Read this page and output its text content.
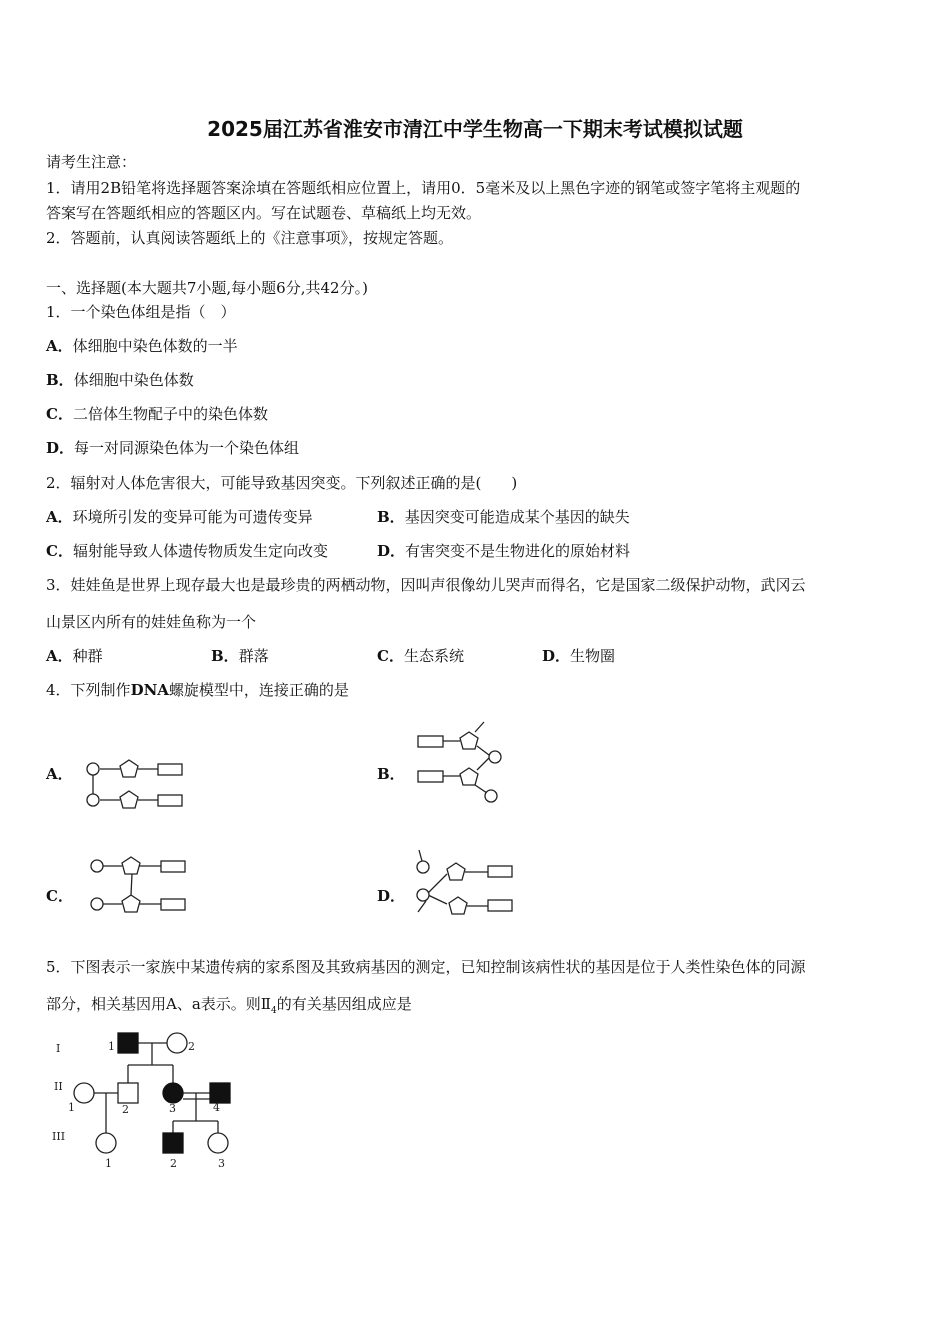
2025届江苏省淮安市清江中学生物高一下期末考试模拟试题
请考生注意：
1．请用2B铅笔将选择题答案涂填在答题纸相应位置上，请用0．5毫米及以上黑色字迹的钢笔或签字笔将主观题的
答案写在答题纸相应的答题区内。写在试题卷、草稿纸上均无效。
2．答题前，认真阅读答题纸上的《注意事项》，按规定答题。
一、选择题(本大题共7小题,每小题6分,共42分。)
1．一个染色体组是指（　）
A．体细胞中染色体数的一半
B．体细胞中染色体数
C．二倍体生物配子中的染色体数
D．每一对同源染色体为一个染色体组
2．辐射对人体危害很大，可能导致基因突变。下列叙述正确的是(　　)
A．环境所引发的变异可能为可遗传变异	B．基因突变可能造成某个基因的缺失
C．辐射能导致人体遗传物质发生定向改变	D．有害突变不是生物进化的原始材料
3．娃娃鱼是世界上现存最大也是最珍贵的两栖动物，因叫声很像幼儿哭声而得名，它是国家二级保护动物，武冈云
山景区内所有的娃娃鱼称为一个
A．种群	B．群落	C．生态系统	D．生物圈
4．下列制作DNA螺旋模型中，连接正确的是
A．	B．
C．	D．
5．下图表示一家族中某遗传病的家系图及其致病基因的测定，已知控制该病性状的基因是位于人类性染色体的同源
部分，相关基因用A、a表示。则$Ⅱ_4$的有关基因组成应是
I
II
III
1	2
1	2	3	4
1	2	3
